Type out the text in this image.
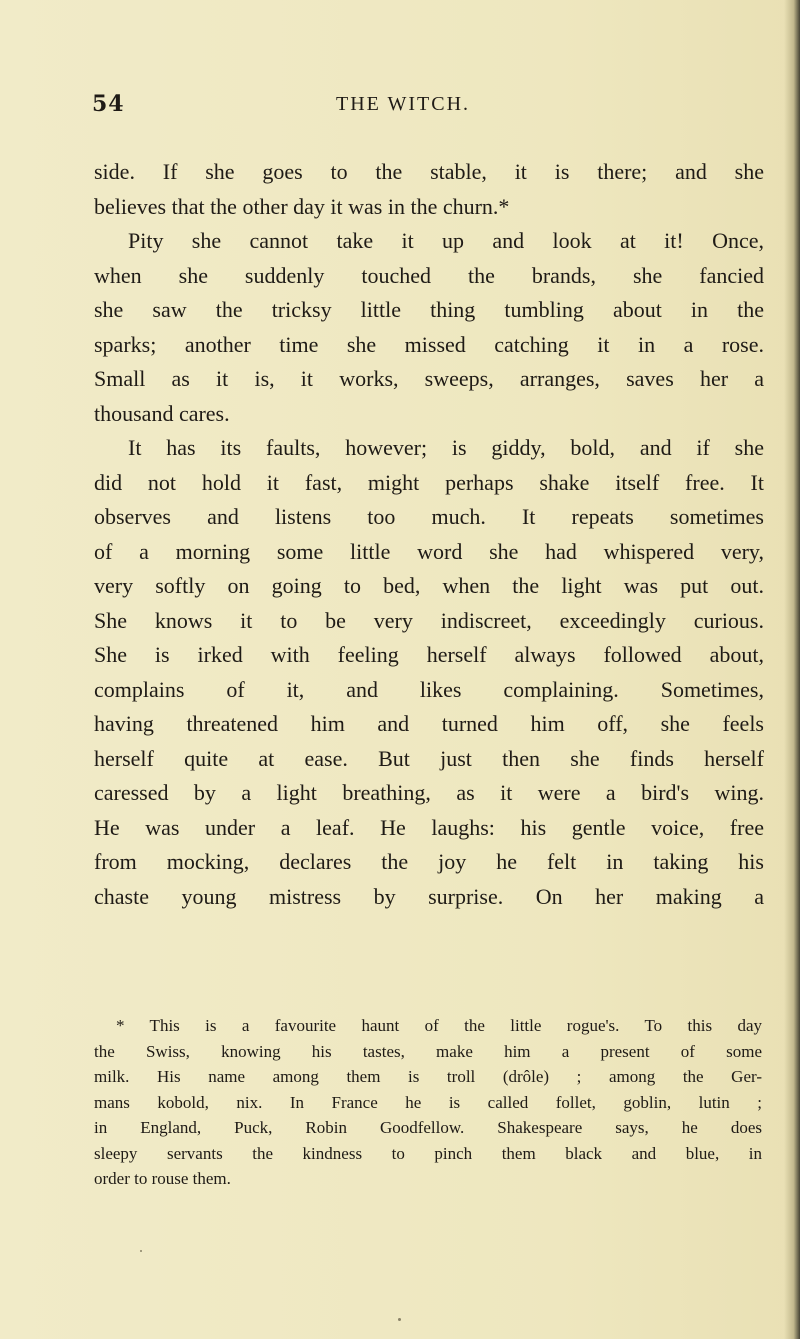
54	THE WITCH.
side. If she goes to the stable, it is there; and she
believes that the other day it was in the churn.*
Pity she cannot take it up and look at it! Once,
when she suddenly touched the brands, she fancied
she saw the tricksy little thing tumbling about in the
sparks; another time she missed catching it in a rose.
Small as it is, it works, sweeps, arranges, saves her a
thousand cares.
It has its faults, however; is giddy, bold, and if she
did not hold it fast, might perhaps shake itself free. It
observes and listens too much. It repeats sometimes
of a morning some little word she had whispered very,
very softly on going to bed, when the light was put out.
She knows it to be very indiscreet, exceedingly curious.
She is irked with feeling herself always followed about,
complains of it, and likes complaining. Sometimes,
having threatened him and turned him off, she feels
herself quite at ease. But just then she finds herself
caressed by a light breathing, as it were a bird's wing.
He was under a leaf. He laughs: his gentle voice, free
from mocking, declares the joy he felt in taking his
chaste young mistress by surprise. On her making a
* This is a favourite haunt of the little rogue's. To this day
the Swiss, knowing his tastes, make him a present of some
milk. His name among them is troll (drôle) ; among the Ger-
mans kobold, nix. In France he is called follet, goblin, lutin ;
in England, Puck, Robin Goodfellow. Shakespeare says, he does
sleepy servants the kindness to pinch them black and blue, in
order to rouse them.
